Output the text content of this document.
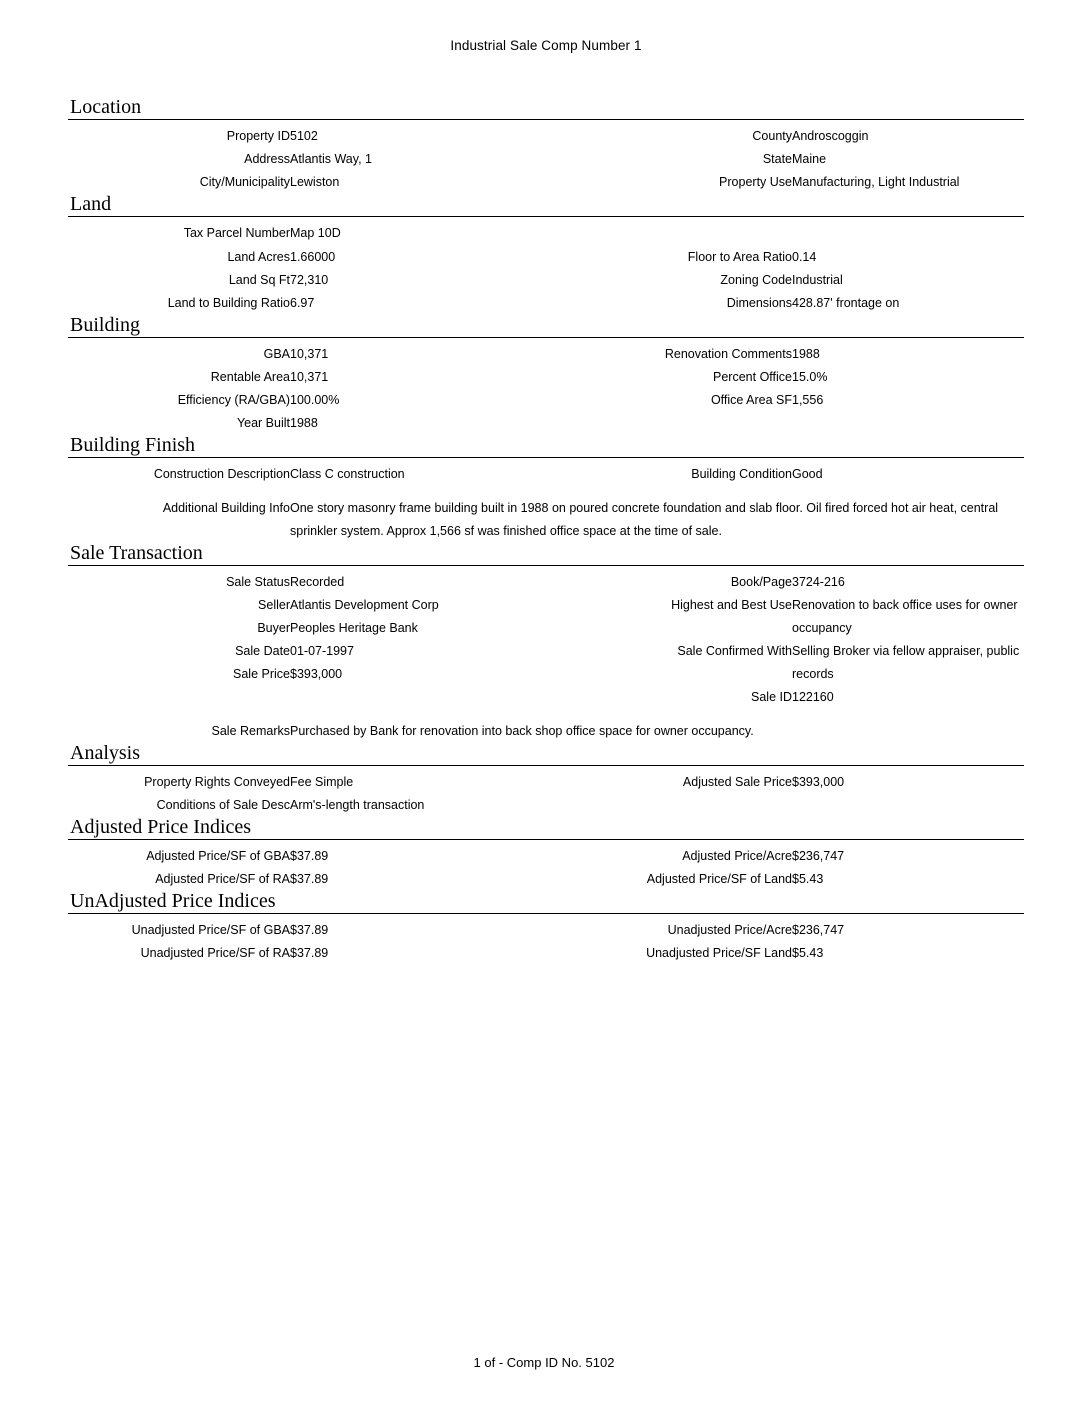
Industrial Sale Comp Number 1
Location
Property ID	5102	County	Androscoggin
Address	Atlantis Way, 1	State	Maine
City/Municipality	Lewiston	Property Use	Manufacturing, Light Industrial
Land
Tax Parcel Number	Map 10D		
Land Acres	1.66000	Floor to Area Ratio	0.14
Land Sq Ft	72,310	Zoning Code	Industrial
Land to Building Ratio	6.97	Dimensions	428.87' frontage on
Building
GBA	10,371	Renovation Comments	1988
Rentable Area	10,371	Percent Office	15.0%
Efficiency (RA/GBA)	100.00%	Office Area SF	1,556
Year Built	1988		
Building Finish
Construction Description	Class C construction	Building Condition	Good

Additional Building Info	One story masonry frame building built in 1988 on poured concrete foundation and slab floor. Oil fired forced hot air heat, central sprinkler system. Approx 1,566 sf was finished office space at the time of sale.		
Sale Transaction
Sale Status	Recorded	Book/Page	3724-216
Seller	Atlantis Development Corp	Highest and Best Use	Renovation to back office uses for owner occupancy
Buyer	Peoples Heritage Bank		
Sale Date	01-07-1997	Sale Confirmed With	Selling Broker via fellow appraiser, public records
Sale Price	$393,000		
		Sale ID	122160

Sale Remarks	Purchased by Bank for renovation into back shop office space for owner occupancy.		
Analysis
Property Rights Conveyed	Fee Simple	Adjusted Sale Price	$393,000
Conditions of Sale Desc	Arm's-length transaction		
Adjusted Price Indices
Adjusted Price/SF of GBA	$37.89	Adjusted Price/Acre	$236,747
Adjusted Price/SF of RA	$37.89	Adjusted Price/SF of Land	$5.43
UnAdjusted Price Indices
Unadjusted Price/SF of GBA	$37.89	Unadjusted Price/Acre	$236,747
Unadjusted Price/SF of RA	$37.89	Unadjusted Price/SF Land	$5.43
1 of - Comp ID No. 5102
